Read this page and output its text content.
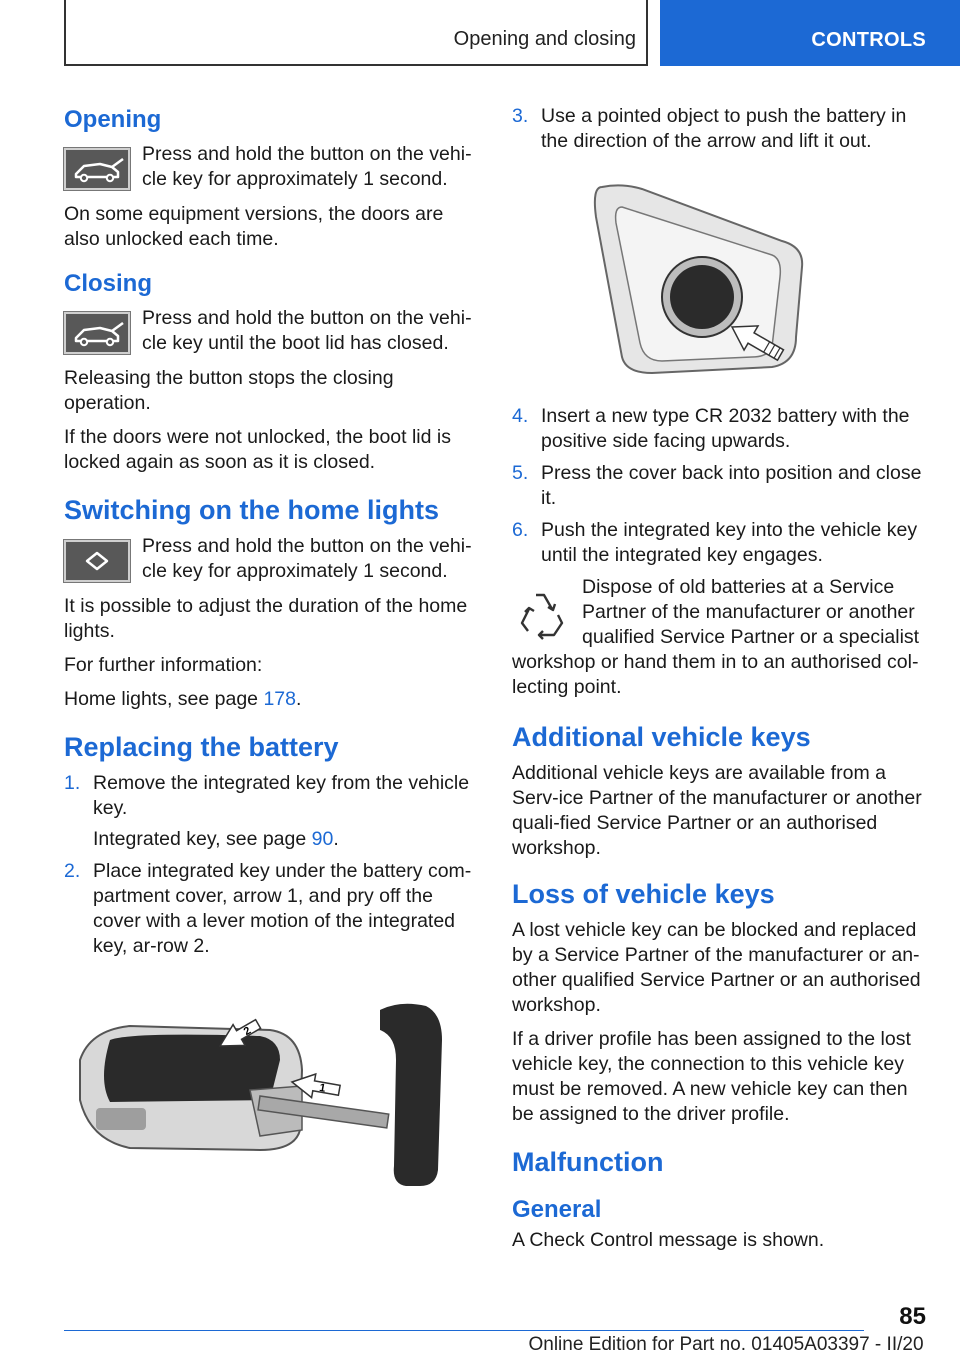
Opening and closing	CONTROLS
Opening

Press and hold the button on the vehi-cle key for approximately 1 second.

On some equipment versions, the doors are also unlocked each time.

Closing

Press and hold the button on the vehi-cle key until the boot lid has closed.

Releasing the button stops the closing operation.

If the doors were not unlocked, the boot lid is locked again as soon as it is closed.

Switching on the home lights

Press and hold the button on the vehi-cle key for approximately 1 second.

It is possible to adjust the duration of the home lights.

For further information:

Home lights, see page 178.

Replacing the battery
1. Remove the integrated key from the vehicle key.

Integrated key, see page 90.

2. Place integrated key under the battery com-partment cover, arrow 1, and pry off the cover with a lever motion of the integrated key, ar-row 2.

2
1
3. Use a pointed object to push the battery in the direction of the arrow and lift it out.

4. Insert a new type CR 2032 battery with the positive side facing upwards.

5. Press the cover back into position and close it.

6. Push the integrated key into the vehicle key until the integrated key engages.

Dispose of old batteries at a Service Partner of the manufacturer or another qualified Service Partner or a specialist workshop or hand them in to an authorised col-lecting point.

Additional vehicle keys

Additional vehicle keys are available from a Serv-ice Partner of the manufacturer or another quali-fied Service Partner or an authorised workshop.

Loss of vehicle keys

A lost vehicle key can be blocked and replaced by a Service Partner of the manufacturer or an-other qualified Service Partner or an authorised workshop.

If a driver profile has been assigned to the lost vehicle key, the connection to this vehicle key must be removed. A new vehicle key can then be assigned to the driver profile.

Malfunction
General

A Check Control message is shown.

85
Online Edition for Part no. 01405A03397 - II/20
